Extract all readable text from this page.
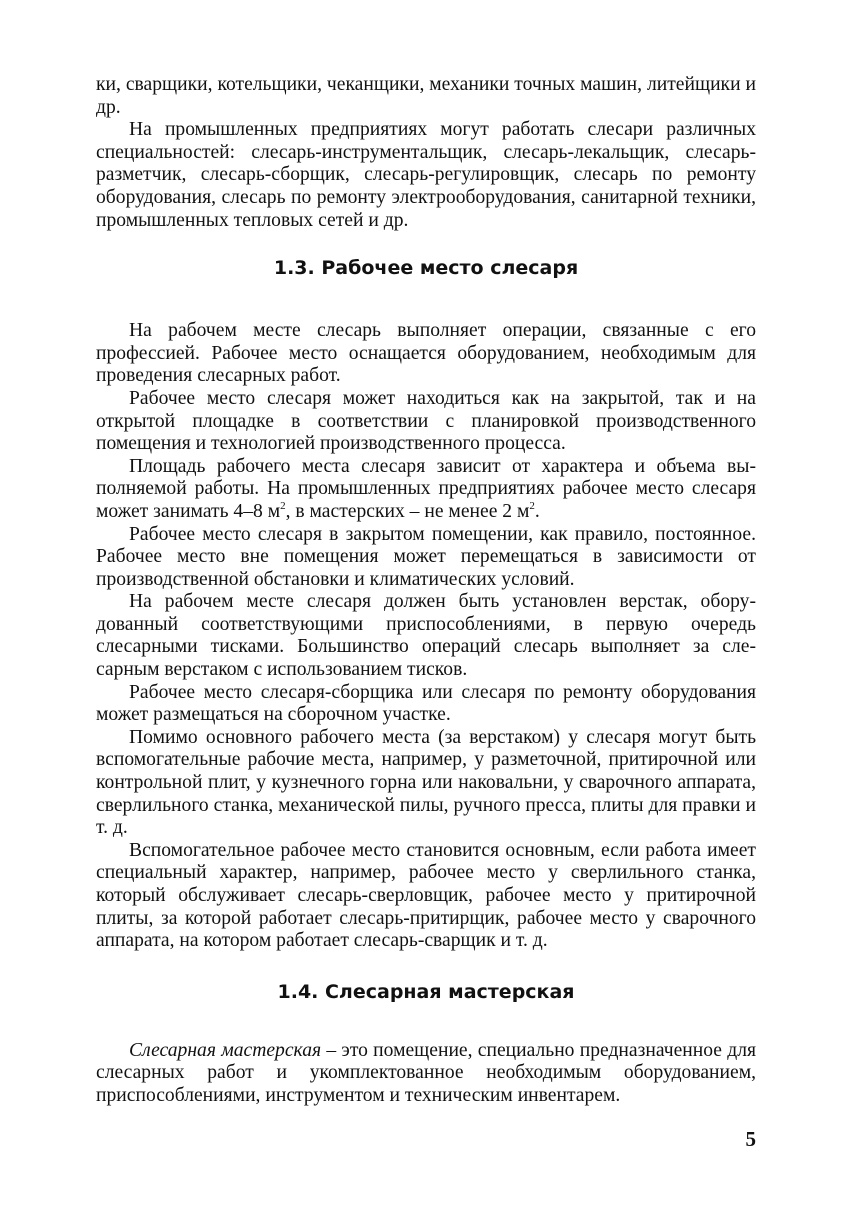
ки, сварщики, котельщики, чеканщики, механики точных машин, литейщики и др.

На промышленных предприятиях могут работать слесари различных специальностей: слесарь-инструментальщик, слесарь-лекальщик, слесарь-разметчик, слесарь-сборщик, слесарь-регулировщик, слесарь по ремонту оборудования, слесарь по ремонту электрооборудования, санитарной техники, промышленных тепловых сетей и др.

1.3. Рабочее место слесаря

На рабочем месте слесарь выполняет операции, связанные с его профессией. Рабочее место оснащается оборудованием, необходимым для проведения слесарных работ.

Рабочее место слесаря может находиться как на закрытой, так и на открытой площадке в соответствии с планировкой производственного помещения и технологией производственного процесса.

Площадь рабочего места слесаря зависит от характера и объема выполняемой работы. На промышленных предприятиях рабочее место слесаря может занимать 4–8 $м^2$, в мастерских – не менее 2 $м^2$.

Рабочее место слесаря в закрытом помещении, как правило, постоянное. Рабочее место вне помещения может перемещаться в зависимости от производственной обстановки и климатических условий.

На рабочем месте слесаря должен быть установлен верстак, оборудованный соответствующими приспособлениями, в первую очередь слесарными тисками. Большинство операций слесарь выполняет за слесарным верстаком с использованием тисков.

Рабочее место слесаря-сборщика или слесаря по ремонту оборудования может размещаться на сборочном участке.

Помимо основного рабочего места (за верстаком) у слесаря могут быть вспомогательные рабочие места, например, у разметочной, притирочной или контрольной плит, у кузнечного горна или наковальни, у сварочного аппарата, сверлильного станка, механической пилы, ручного пресса, плиты для правки и т. д.

Вспомогательное рабочее место становится основным, если работа имеет специальный характер, например, рабочее место у сверлильного станка, который обслуживает слесарь-сверловщик, рабочее место у притирочной плиты, за которой работает слесарь-притирщик, рабочее место у сварочного аппарата, на котором работает слесарь-сварщик и т. д.

1.4. Слесарная мастерская

Слесарная мастерская – это помещение, специально предназначенное для слесарных работ и укомплектованное необходимым оборудованием, приспособлениями, инструментом и техническим инвентарем.

5
